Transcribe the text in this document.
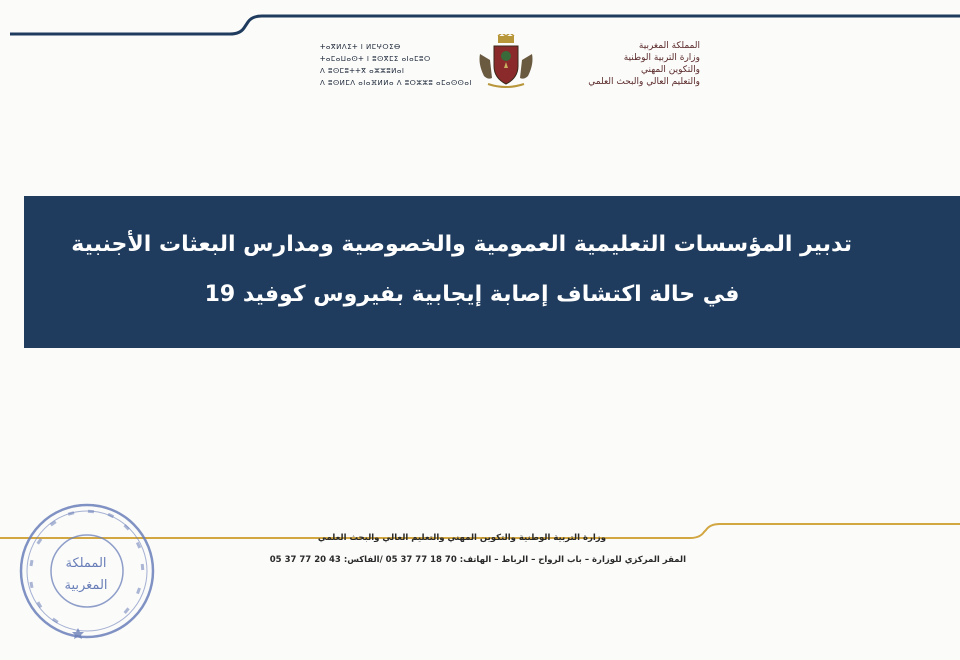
المملكة المغربية
وزارة التربية الوطنية
والتكوين المهني
والتعليم العالي والبحث العلمي
ⵜⴰⴳⵍⴷⵉⵜ ⵏ ⵍⵎⵖⵔⵉⴱ
ⵜⴰⵎⴰⵡⴰⵙⵜ ⵏ ⵓⵙⴳⵎⵉ ⴰⵏⴰⵎⵓⵔ
ⴷ ⵓⵙⵎⵓⵜⵜⴳ ⴰⵣⵣⵓⵍⴰⵏ
ⴷ ⵓⵙⵍⵎⴷ ⴰⵏⴰⴼⵍⵍⴰ ⴷ ⵓⵔⵣⵣⵓ ⴰⵎⴰⵙⵙⴰⵏ
تدبير المؤسسات التعليمية العمومية والخصوصية ومدارس البعثات الأجنبية
في حالة اكتشاف إصابة إيجابية بفيروس كوفيد 19
وزارة التربية الوطنية والتكوين المهني والتعليم العالي والبحث العلمي
المقر المركزي للوزارة – باب الرواح – الرباط – الهاتف: 70 18 77 37 05 /الفاكس: 43 20 77 37 05
المملكة
المغربية
